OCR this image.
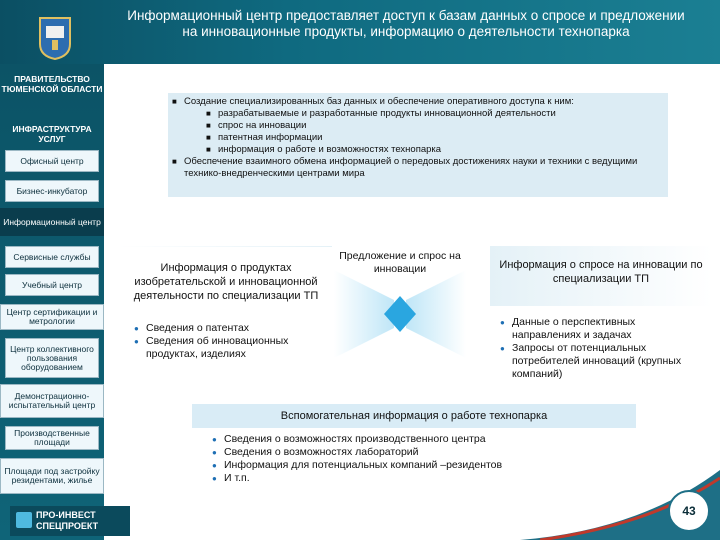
Информационный центр предоставляет доступ к базам данных о спросе и предложении на инновационные продукты, информацию о деятельности технопарка
ПРАВИТЕЛЬСТВО ТЮМЕНСКОЙ ОБЛАСТИ
ИНФРАСТРУКТУРА УСЛУГ
Офисный центр
Бизнес-инкубатор
Информационный центр
Сервисные службы
Учебный центр
Центр сертификации и метрологии
Центр коллективного пользования оборудованием
Демонстрационно-испытательный центр
Производственные площади
Площади под застройку резидентами, жилье
ПРО-ИНВЕСТ СПЕЦПРОЕКТ
■ Создание специализированных баз данных и обеспечение оперативного доступа к ним:
■ разрабатываемые и разработанные продукты инновационной деятельности
■ спрос на инновации
■ патентная информации
■ информация о работе и возможностях технопарка
■ Обеспечение взаимного обмена информацией о передовых достижениях науки и техники с ведущими технико-внедренческими центрами мира
Информация о продуктах изобретательской и инновационной деятельности по специализации ТП
Предложение и спрос на инновации	Информация о спросе на инновации по специализации ТП
● Сведения о патентах
● Сведения об инновационных продуктах, изделиях
● Данные о перспективных направлениях и задачах
● Запросы от потенциальных потребителей инноваций (крупных компаний)
Вспомогательная информация о работе технопарка
● Сведения о возможностях производственного центра
● Сведения о возможностях лабораторий
● Информация для потенциальных компаний –резидентов
● И т.п.
43
